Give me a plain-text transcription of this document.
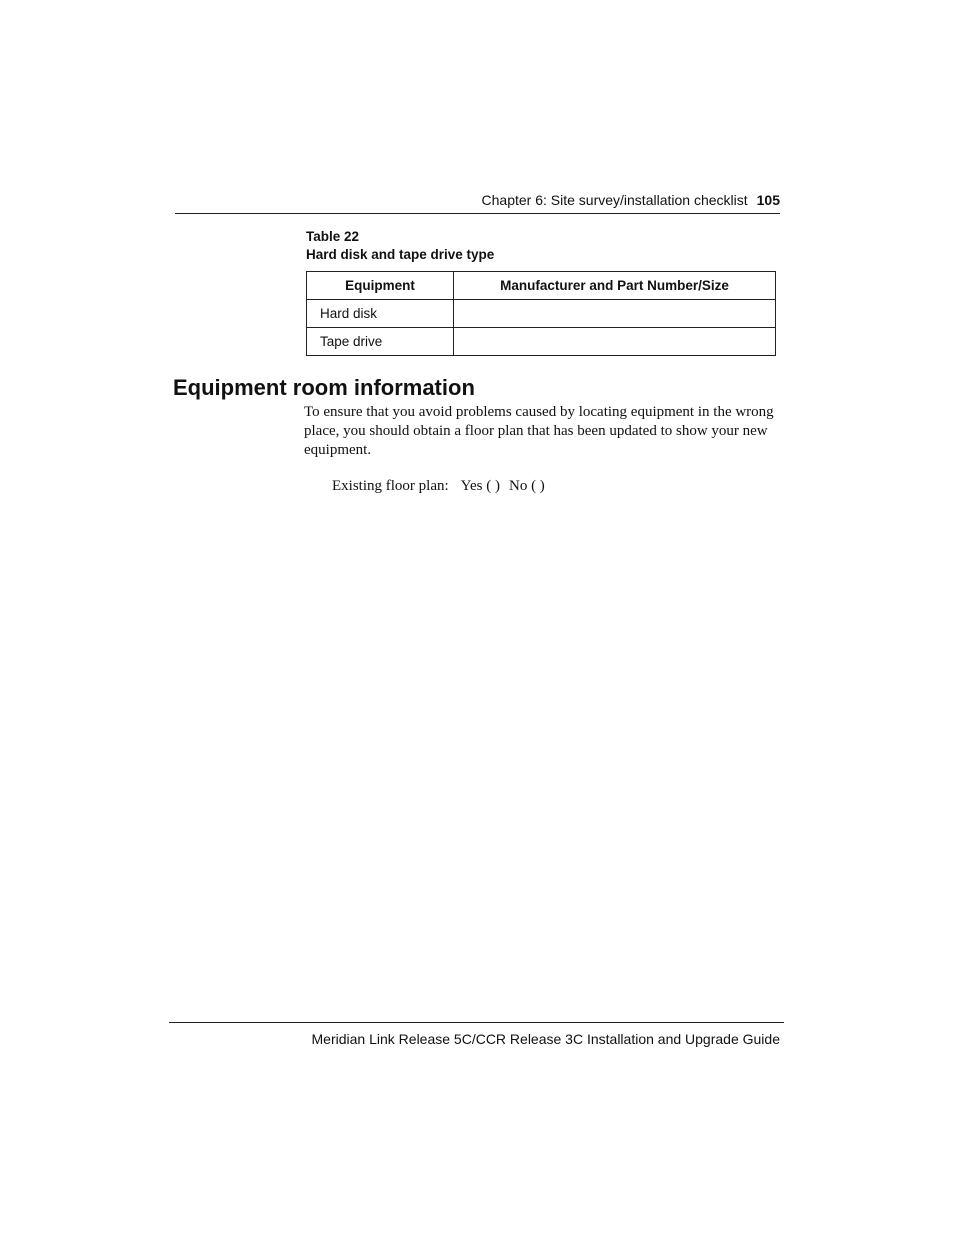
Chapter 6: Site survey/installation checklist 105
Table 22
Hard disk and tape drive type
Equipment	Manufacturer and Part Number/Size
Hard disk	
Tape drive	
Equipment room information

To ensure that you avoid problems caused by locating equipment in the wrong place, you should obtain a floor plan that has been updated to show your new equipment.

Existing floor plan: Yes ( ) No ( )
Meridian Link Release 5C/CCR Release 3C Installation and Upgrade Guide
